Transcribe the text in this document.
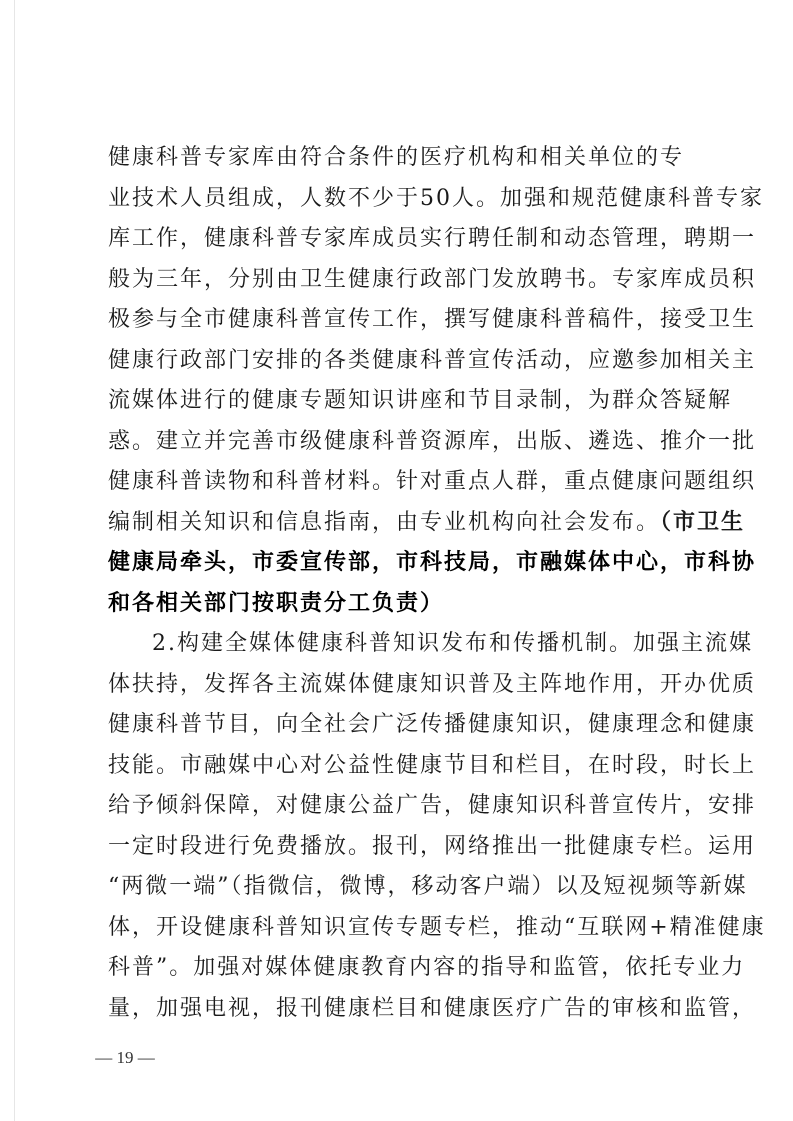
健康科普专家库由符合条件的医疗机构和相关单位的专
业技术人员组成，人数不少于50人。加强和规范健康科普专家
库工作，健康科普专家库成员实行聘任制和动态管理，聘期一
般为三年，分别由卫生健康行政部门发放聘书。专家库成员积
极参与全市健康科普宣传工作，撰写健康科普稿件，接受卫生
健康行政部门安排的各类健康科普宣传活动，应邀参加相关主
流媒体进行的健康专题知识讲座和节目录制，为群众答疑解
惑。建立并完善市级健康科普资源库，出版、遴选、推介一批
健康科普读物和科普材料。针对重点人群，重点健康问题组织
编制相关知识和信息指南，由专业机构向社会发布。（市卫生
健康局牵头，市委宣传部，市科技局，市融媒体中心，市科协
和各相关部门按职责分工负责）
2.构建全媒体健康科普知识发布和传播机制。加强主流媒
体扶持，发挥各主流媒体健康知识普及主阵地作用，开办优质
健康科普节目，向全社会广泛传播健康知识，健康理念和健康
技能。市融媒中心对公益性健康节目和栏目，在时段，时长上
给予倾斜保障，对健康公益广告，健康知识科普宣传片，安排
一定时段进行免费播放。报刊，网络推出一批健康专栏。运用
“两微一端”（指微信，微博，移动客户端）以及短视频等新媒
体，开设健康科普知识宣传专题专栏，推动“互联网+精准健康
科普”。加强对媒体健康教育内容的指导和监管，依托专业力
量，加强电视，报刊健康栏目和健康医疗广告的审核和监管，
— 19 —
